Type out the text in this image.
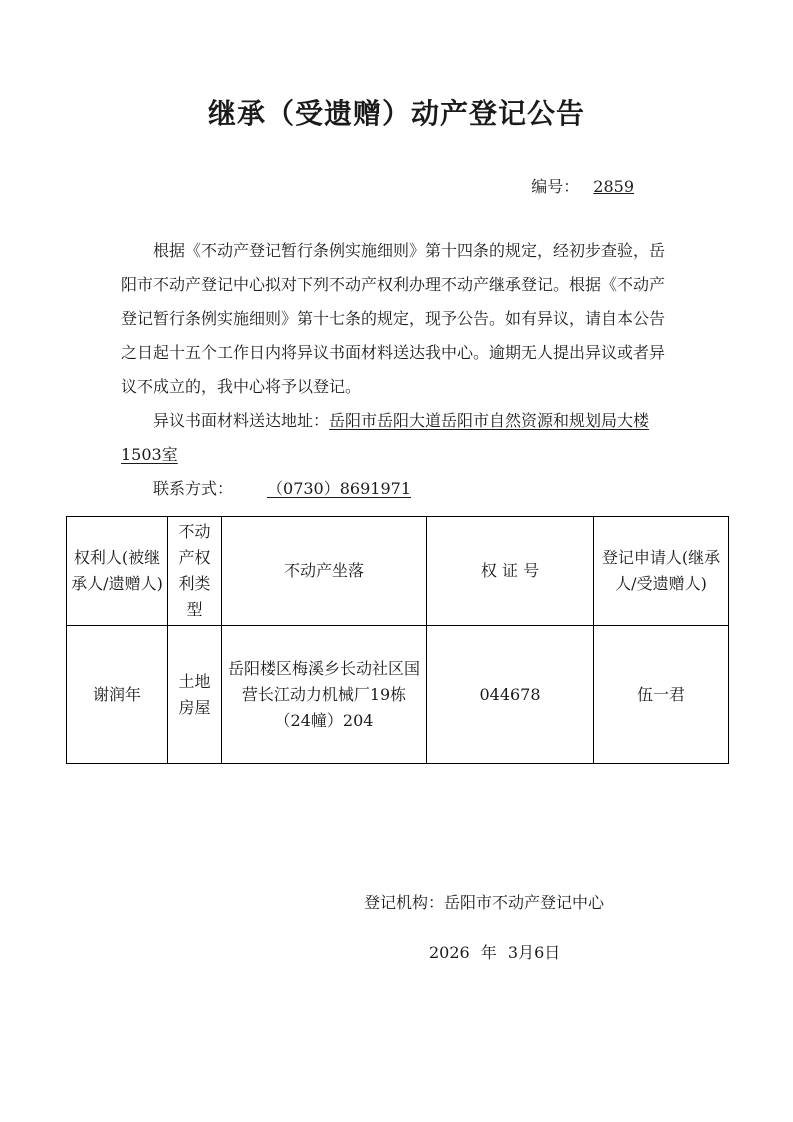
继承（受遗赠）动产登记公告
编号： 2859

根据《不动产登记暂行条例实施细则》第十四条的规定，经初步查验，岳阳市不动产登记中心拟对下列不动产权利办理不动产继承登记。根据《不动产登记暂行条例实施细则》第十七条的规定，现予公告。如有异议，请自本公告之日起十五个工作日内将异议书面材料送达我中心。逾期无人提出异议或者异议不成立的，我中心将予以登记。

异议书面材料送达地址：岳阳市岳阳大道岳阳市自然资源和规划局大楼1503室

联系方式： （0730）8691971

权利人(被继承人/遗赠人)	不动产权利类型	不动产坐落	权 证 号	登记申请人(继承人/受遗赠人)
谢润年	土地房屋	岳阳楼区梅溪乡长动社区国营长江动力机械厂19栋（24幢）204	044678	伍一君
登记机构：岳阳市不动产登记中心
2026 年 3月6日
